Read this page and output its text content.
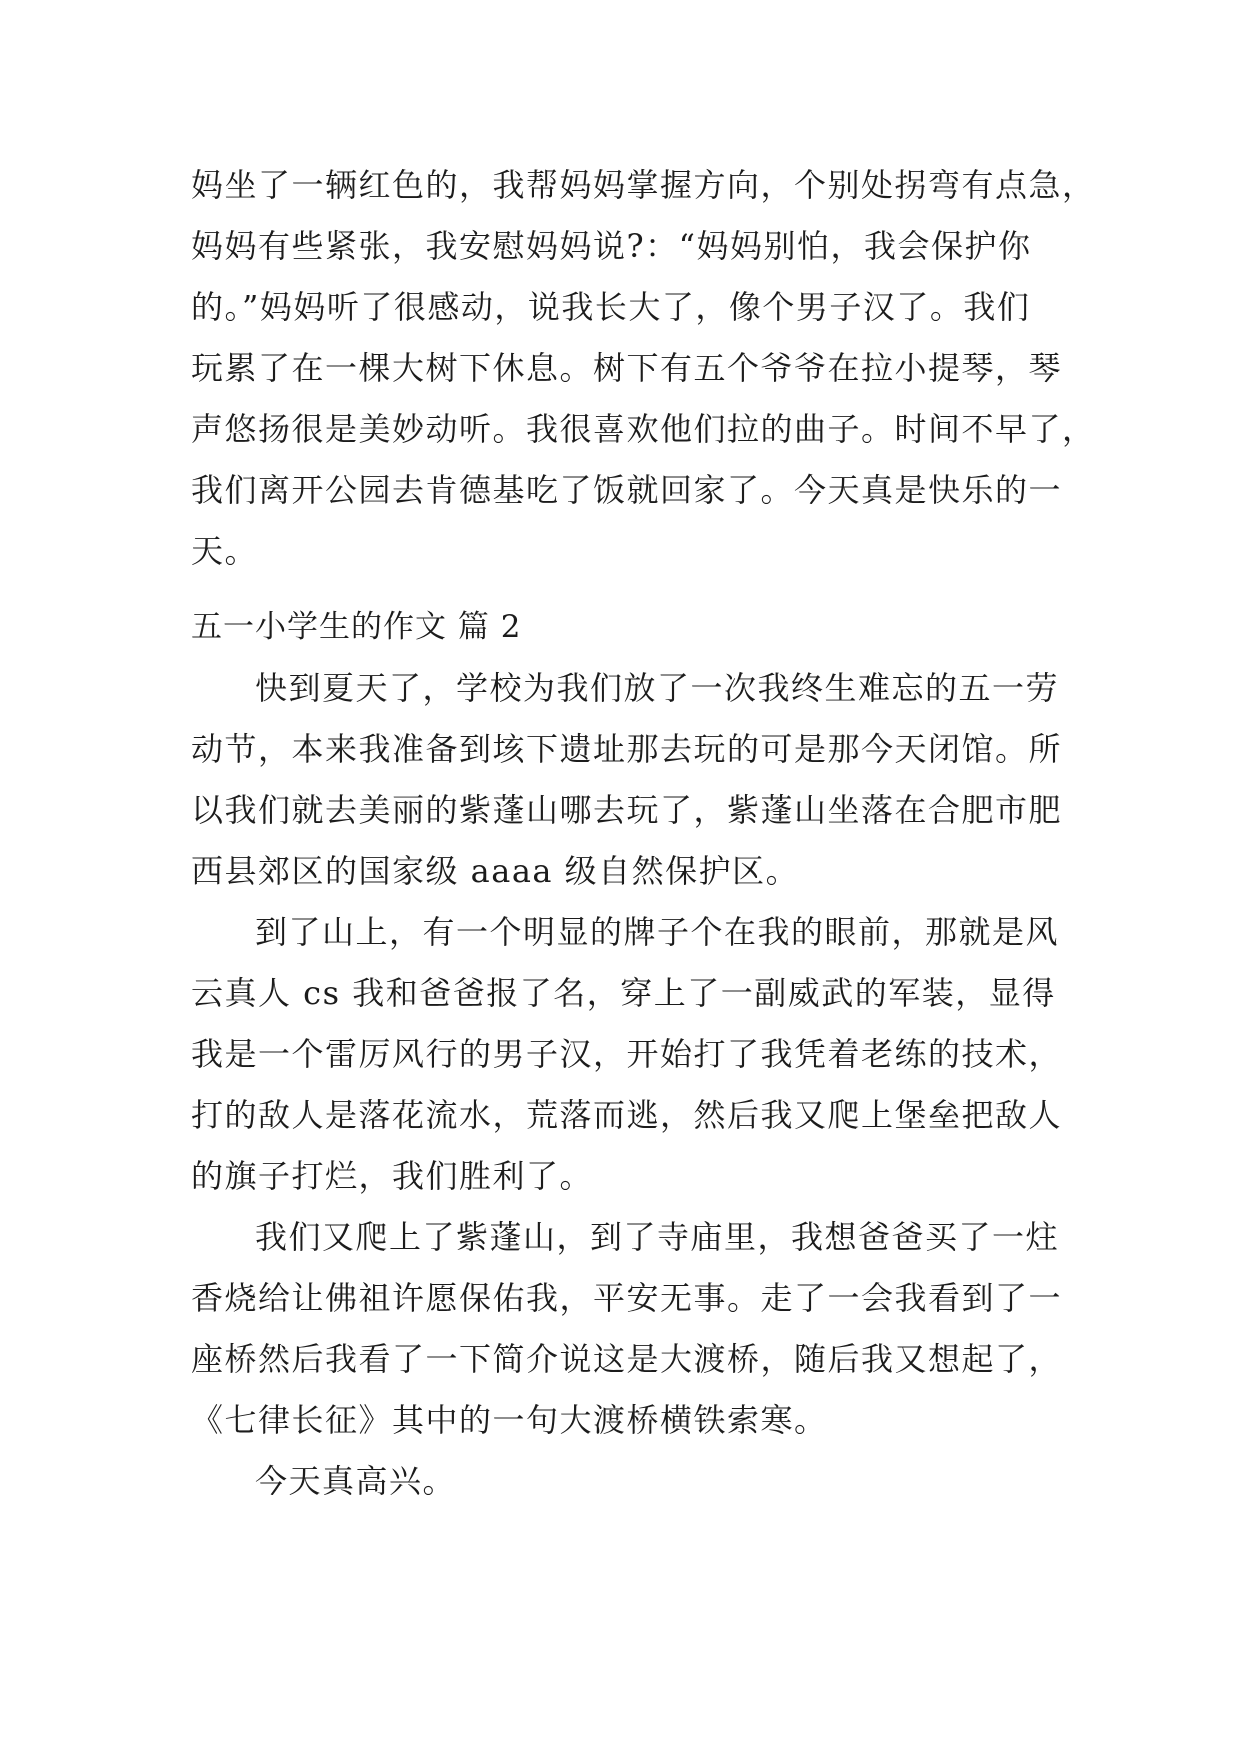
妈坐了一辆红色的，我帮妈妈掌握方向，个别处拐弯有点急，
妈妈有些紧张，我安慰妈妈说?：“妈妈别怕，我会保护你
的。”妈妈听了很感动，说我长大了，像个男子汉了。我们
玩累了在一棵大树下休息。树下有五个爷爷在拉小提琴，琴
声悠扬很是美妙动听。我很喜欢他们拉的曲子。时间不早了，
我们离开公园去肯德基吃了饭就回家了。今天真是快乐的一
天。
五一小学生的作文 篇 2
快到夏天了，学校为我们放了一次我终生难忘的五一劳
动节，本来我准备到垓下遗址那去玩的可是那今天闭馆。所
以我们就去美丽的紫蓬山哪去玩了，紫蓬山坐落在合肥市肥
西县郊区的国家级 aaaa 级自然保护区。
到了山上，有一个明显的牌子个在我的眼前，那就是风
云真人 cs 我和爸爸报了名，穿上了一副威武的军装，显得
我是一个雷厉风行的男子汉，开始打了我凭着老练的技术，
打的敌人是落花流水，荒落而逃，然后我又爬上堡垒把敌人
的旗子打烂，我们胜利了。
我们又爬上了紫蓬山，到了寺庙里，我想爸爸买了一炷
香烧给让佛祖许愿保佑我，平安无事。走了一会我看到了一
座桥然后我看了一下简介说这是大渡桥，随后我又想起了，
《七律长征》其中的一句大渡桥横铁索寒。
今天真高兴。
